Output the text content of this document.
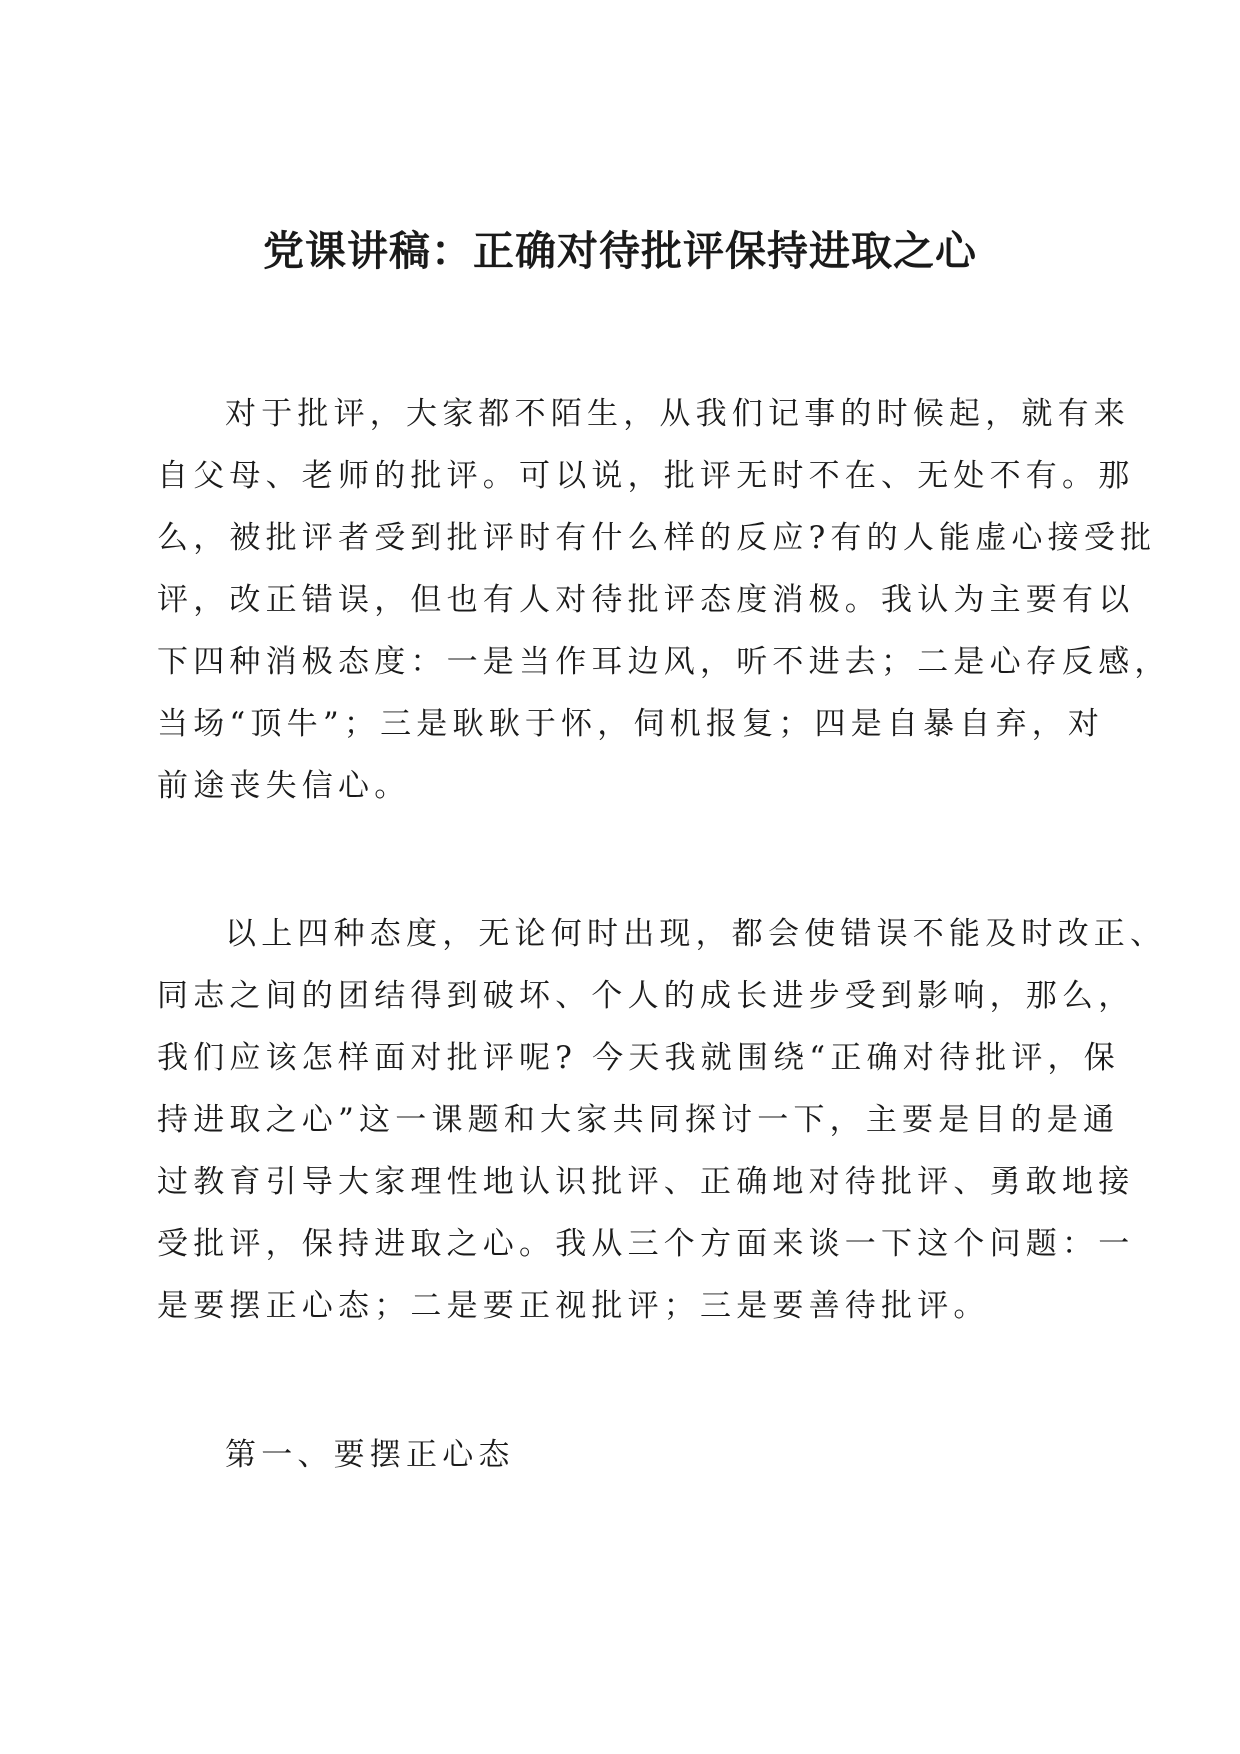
党课讲稿：正确对待批评保持进取之心
对于批评，大家都不陌生，从我们记事的时候起，就有来
自父母、老师的批评。可以说，批评无时不在、无处不有。那
么，被批评者受到批评时有什么样的反应?有的人能虚心接受批
评，改正错误，但也有人对待批评态度消极。我认为主要有以
下四种消极态度：一是当作耳边风，听不进去；二是心存反感，
当场“顶牛”；三是耿耿于怀，伺机报复；四是自暴自弃，对
前途丧失信心。
以上四种态度，无论何时出现，都会使错误不能及时改正、
同志之间的团结得到破坏、个人的成长进步受到影响，那么，
我们应该怎样面对批评呢? 今天我就围绕“正确对待批评，保
持进取之心”这一课题和大家共同探讨一下，主要是目的是通
过教育引导大家理性地认识批评、正确地对待批评、勇敢地接
受批评，保持进取之心。我从三个方面来谈一下这个问题：一
是要摆正心态；二是要正视批评；三是要善待批评。
第一、要摆正心态
